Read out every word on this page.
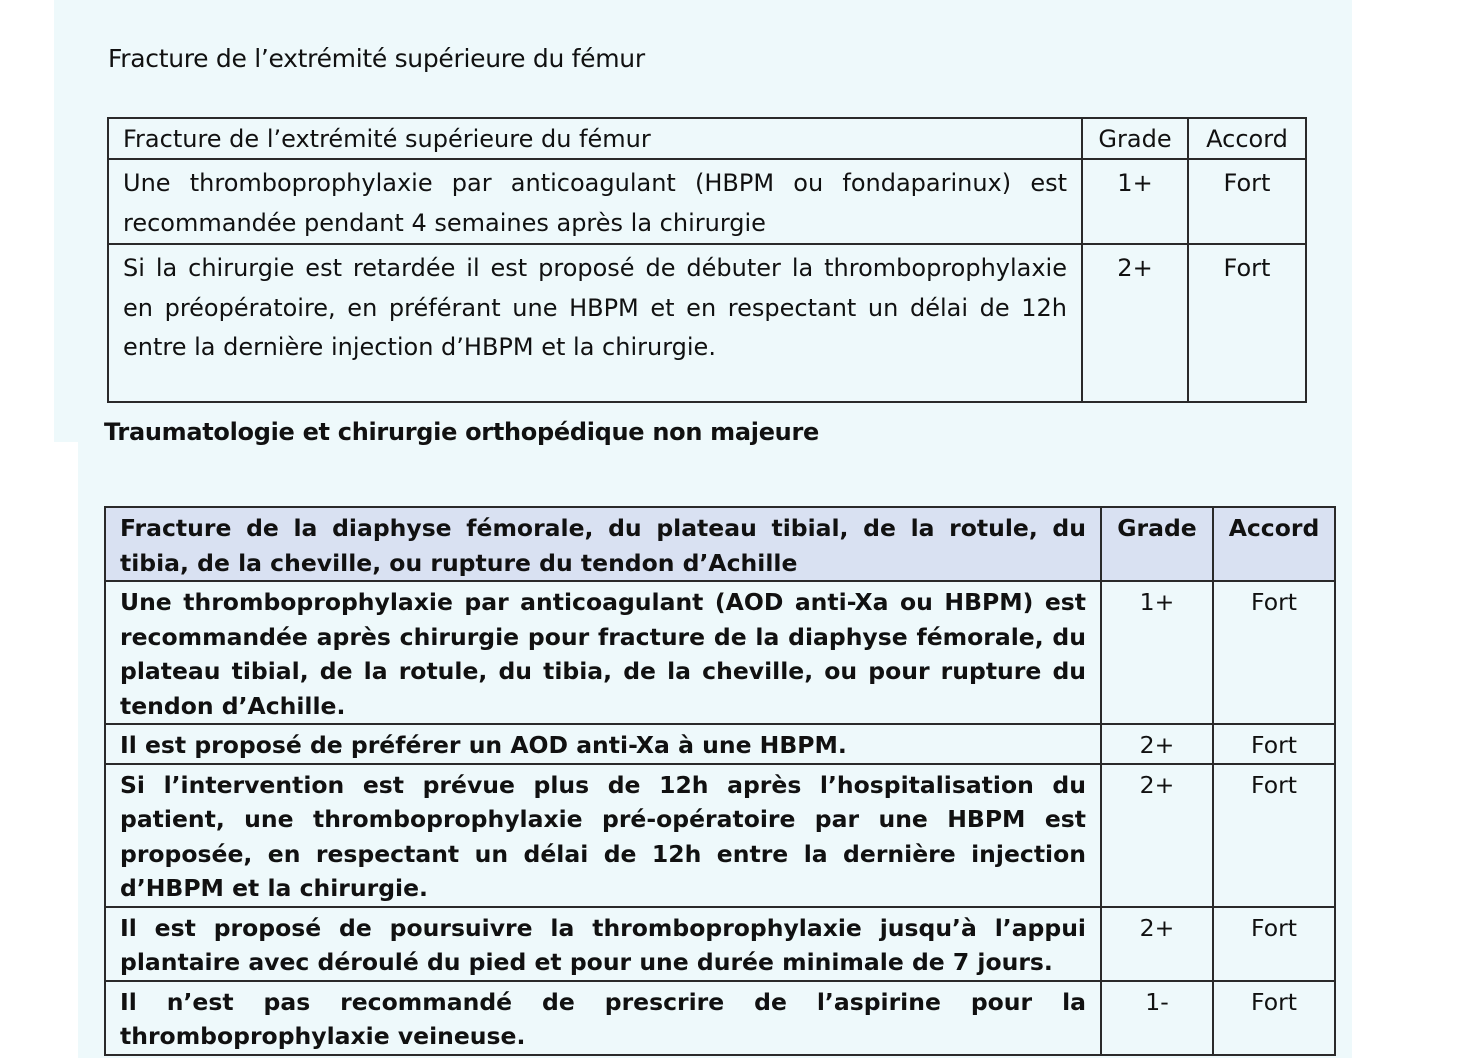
Fracture de l’extrémité supérieure du fémur
Fracture de l’extrémité supérieure du fémur	Grade	Accord
Une thromboprophylaxie par anticoagulant (HBPM ou fondaparinux) est recommandée pendant 4 semaines après la chirurgie	1+	Fort
Si la chirurgie est retardée il est proposé de débuter la thromboprophylaxie en préopératoire, en préférant une HBPM et en respectant un délai de 12h entre la dernière injection d’HBPM et la chirurgie.	2+	Fort
Traumatologie et chirurgie orthopédique non majeure
Fracture de la diaphyse fémorale, du plateau tibial, de la rotule, du tibia, de la cheville, ou rupture du tendon d’Achille	Grade	Accord
Une thromboprophylaxie par anticoagulant (AOD anti-Xa ou HBPM) est recommandée après chirurgie pour fracture de la diaphyse fémorale, du plateau tibial, de la rotule, du tibia, de la cheville, ou pour rupture du tendon d’Achille.	1+	Fort
Il est proposé de préférer un AOD anti-Xa à une HBPM.	2+	Fort
Si l’intervention est prévue plus de 12h après l’hospitalisation du patient, une thromboprophylaxie pré-opératoire par une HBPM est proposée, en respectant un délai de 12h entre la dernière injection d’HBPM et la chirurgie.	2+	Fort
Il est proposé de poursuivre la thromboprophylaxie jusqu’à l’appui plantaire avec déroulé du pied et pour une durée minimale de 7 jours.	2+	Fort
Il n’est pas recommandé de prescrire de l’aspirine pour la thromboprophylaxie veineuse.	1-	Fort
